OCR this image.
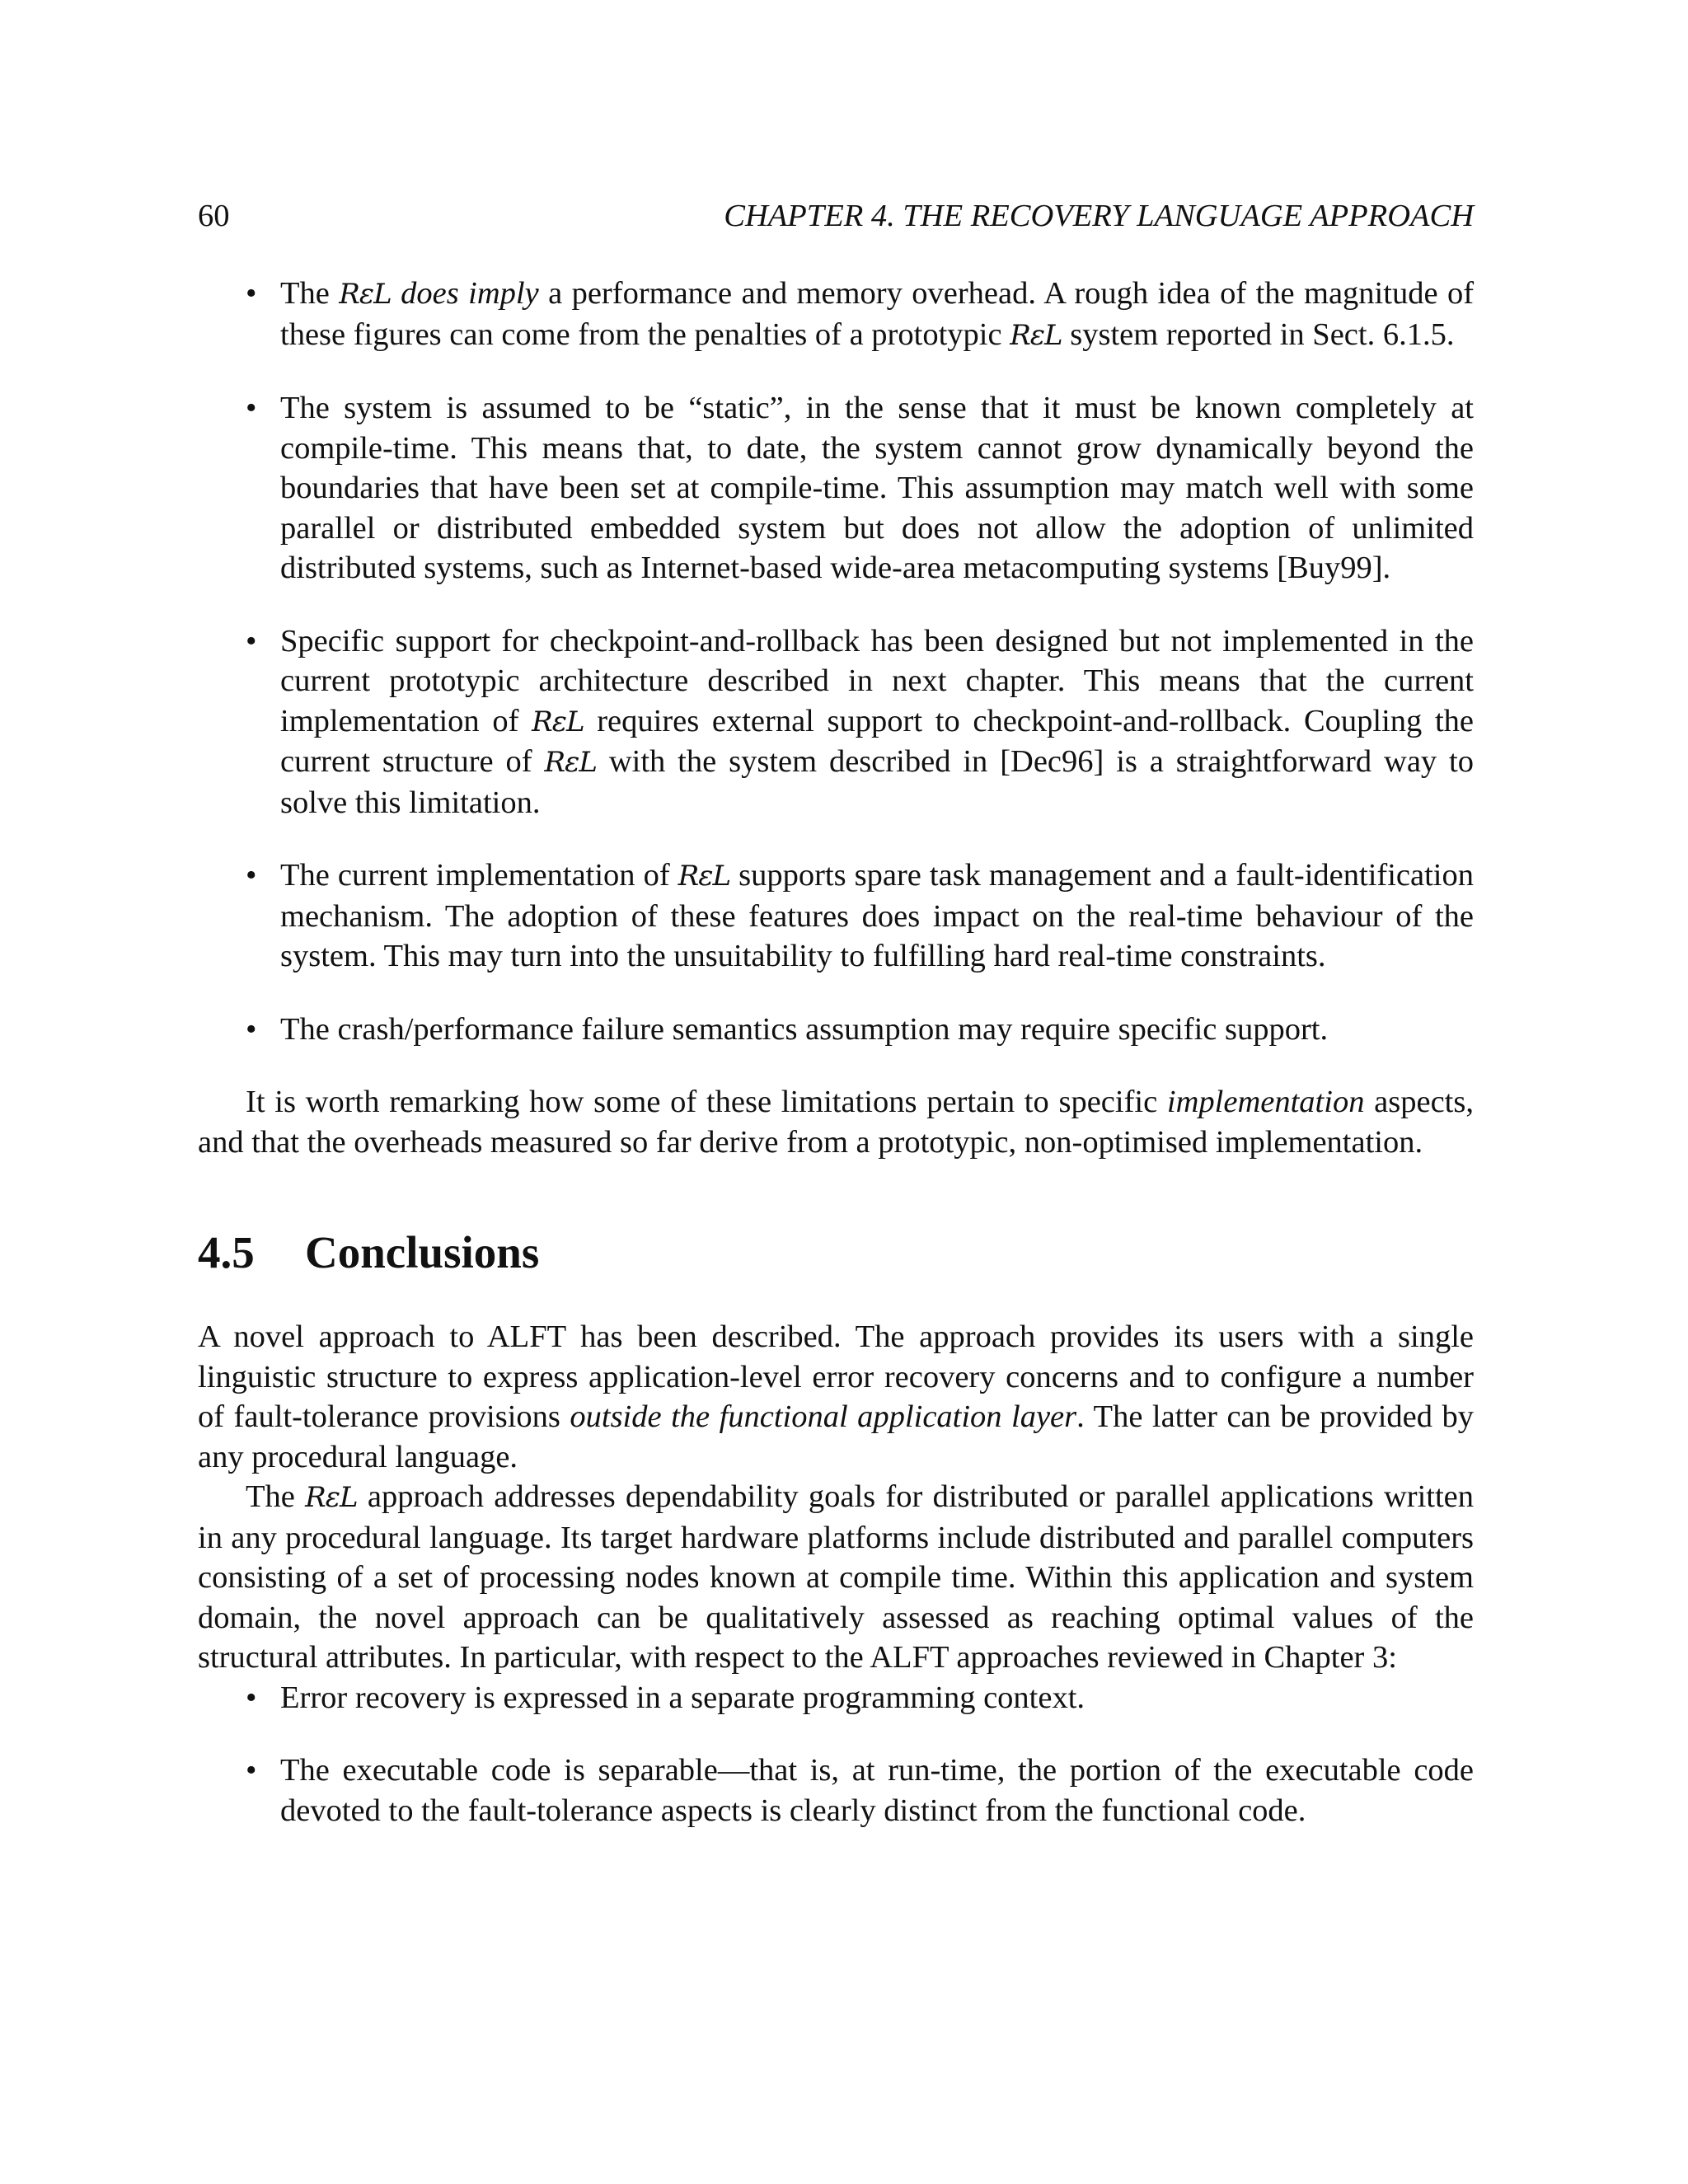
60	CHAPTER 4. THE RECOVERY LANGUAGE APPROACH
• The RεL does imply a performance and memory overhead. A rough idea of the magnitude of these figures can come from the penalties of a prototypic RεL system reported in Sect. 6.1.5.
• The system is assumed to be “static”, in the sense that it must be known completely at compile-time. This means that, to date, the system cannot grow dynamically beyond the boundaries that have been set at compile-time. This assumption may match well with some parallel or distributed embedded system but does not allow the adoption of unlimited distributed systems, such as Internet-based wide-area metacomputing systems [Buy99].
• Specific support for checkpoint-and-rollback has been designed but not implemented in the current prototypic architecture described in next chapter. This means that the current implementation of RεL requires external support to checkpoint-and-rollback. Coupling the current structure of RεL with the system described in [Dec96] is a straightforward way to solve this limitation.
• The current implementation of RεL supports spare task management and a fault-identification mechanism. The adoption of these features does impact on the real-time behaviour of the system. This may turn into the unsuitability to fulfilling hard real-time constraints.
• The crash/performance failure semantics assumption may require specific support.

It is worth remarking how some of these limitations pertain to specific implementation aspects, and that the overheads measured so far derive from a prototypic, non-optimised implementation.

4.5 Conclusions

A novel approach to ALFT has been described. The approach provides its users with a single linguistic structure to express application-level error recovery concerns and to configure a number of fault-tolerance provisions outside the functional application layer. The latter can be provided by any procedural language.

The RεL approach addresses dependability goals for distributed or parallel applications written in any procedural language. Its target hardware platforms include distributed and parallel computers consisting of a set of processing nodes known at compile time. Within this application and system domain, the novel approach can be qualitatively assessed as reaching optimal values of the structural attributes. In particular, with respect to the ALFT approaches reviewed in Chapter 3:

• Error recovery is expressed in a separate programming context.
• The executable code is separable—that is, at run-time, the portion of the executable code devoted to the fault-tolerance aspects is clearly distinct from the functional code.
